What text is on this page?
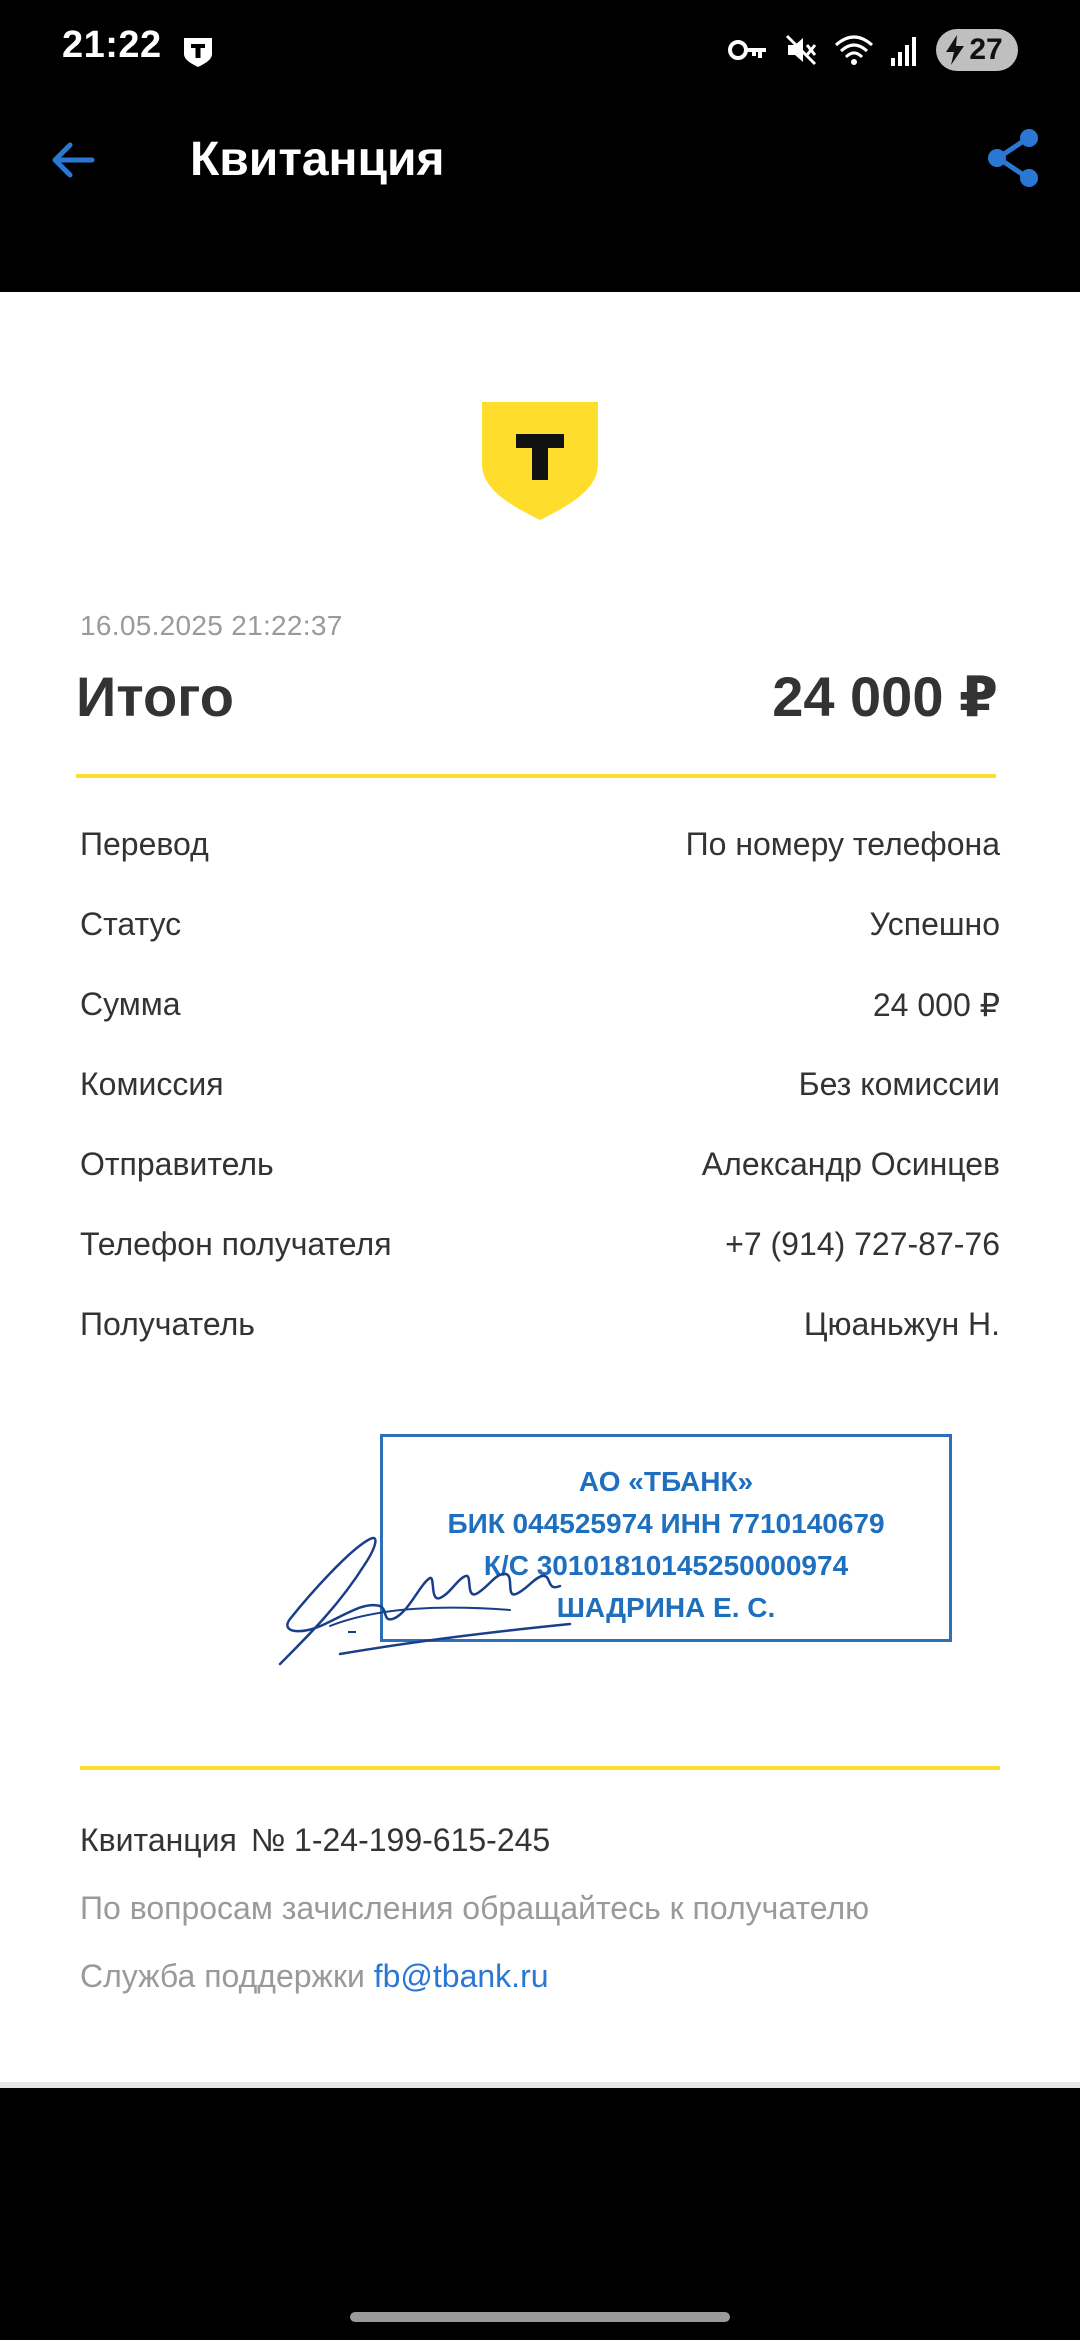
21:22	27
Квитанция
16.05.2025 21:22:37
Итого	24 000 ₽
Перевод	По номеру телефона
Статус	Успешно
Сумма	24 000 ₽
Комиссия	Без комиссии
Отправитель	Александр Осинцев
Телефон получателя	+7 (914) 727-87-76
Получатель	Цюаньжун Н.
АО «ТБАНК»
БИК 044525974 ИНН 7710140679
К/С 30101810145250000974
ШАДРИНА Е. С.
Квитанция № 1-24-199-615-245
По вопросам зачисления обращайтесь к получателю
Служба поддержки fb@tbank.ru
